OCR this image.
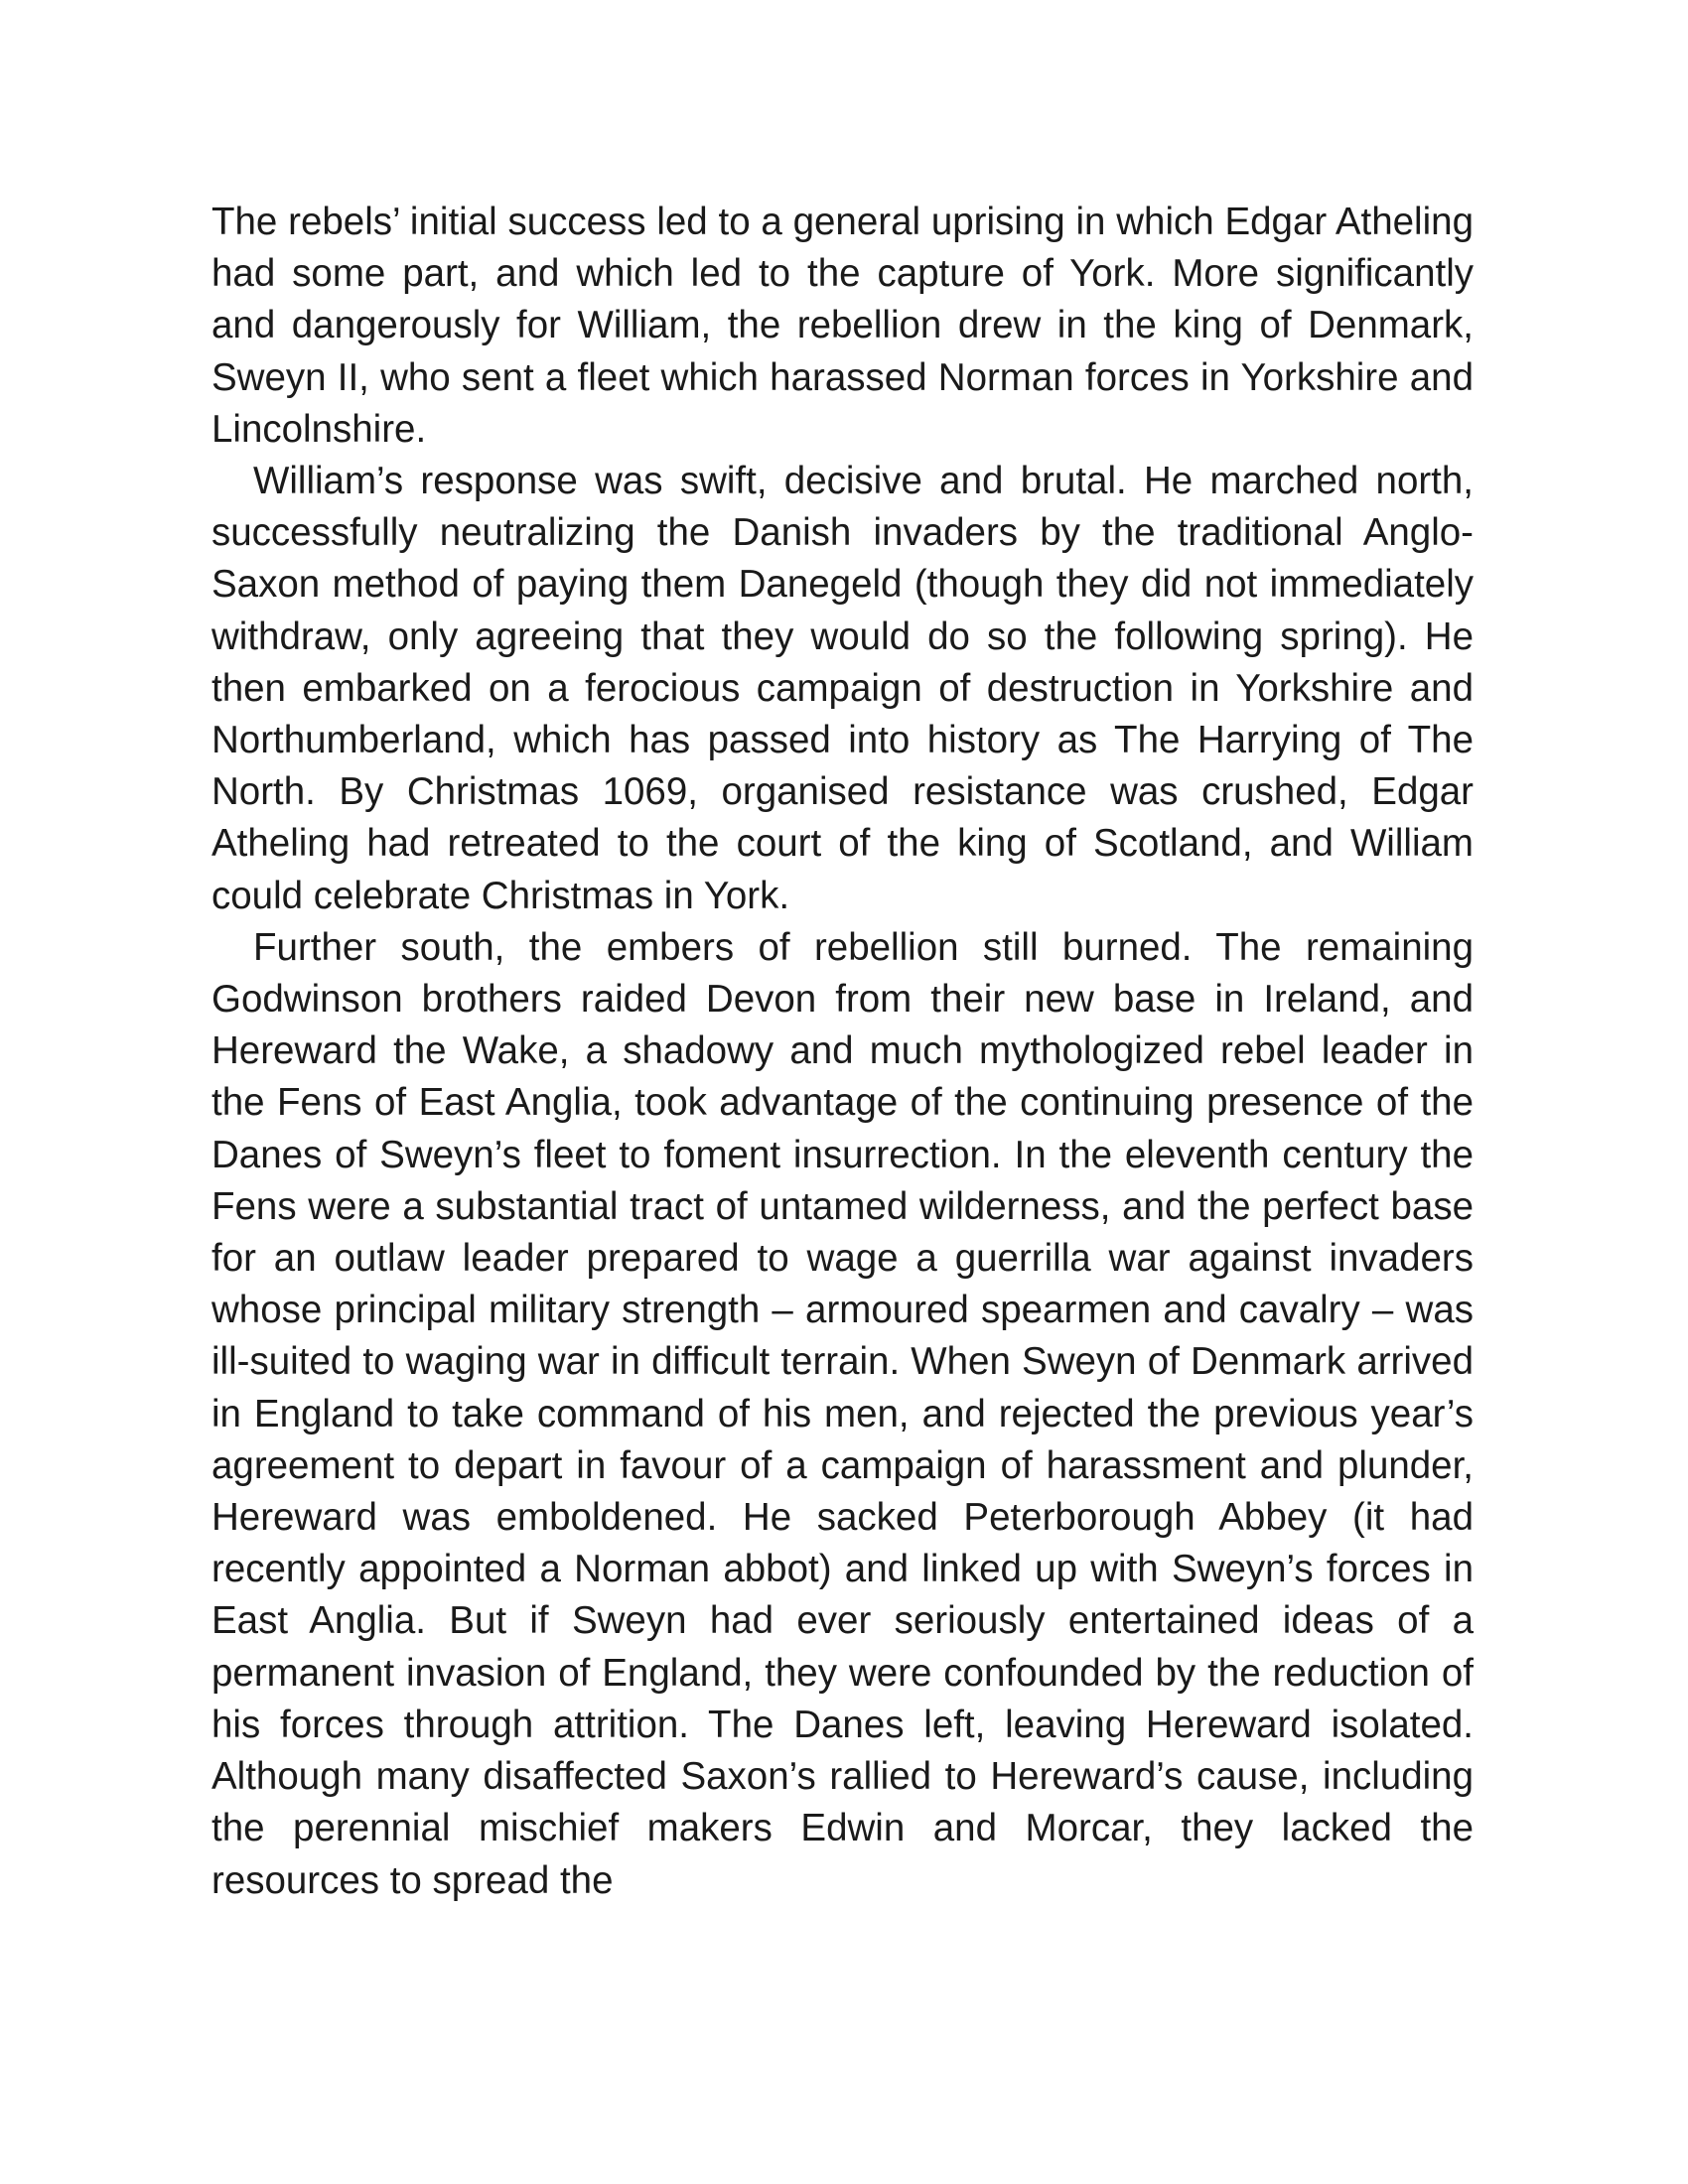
The rebels’ initial success led to a general uprising in which Edgar Atheling had some part, and which led to the capture of York. More significantly and dangerously for William, the rebellion drew in the king of Denmark, Sweyn II, who sent a fleet which harassed Norman forces in Yorkshire and Lincolnshire.

William’s response was swift, decisive and brutal. He marched north, successfully neutralizing the Danish invaders by the traditional Anglo-Saxon method of paying them Danegeld (though they did not immediately withdraw, only agreeing that they would do so the following spring). He then embarked on a ferocious campaign of destruction in Yorkshire and Northumberland, which has passed into history as The Harrying of The North. By Christmas 1069, organised resistance was crushed, Edgar Atheling had retreated to the court of the king of Scotland, and William could celebrate Christmas in York.

Further south, the embers of rebellion still burned. The remaining Godwinson brothers raided Devon from their new base in Ireland, and Hereward the Wake, a shadowy and much mythologized rebel leader in the Fens of East Anglia, took advantage of the continuing presence of the Danes of Sweyn’s fleet to foment insurrection. In the eleventh century the Fens were a substantial tract of untamed wilderness, and the perfect base for an outlaw leader prepared to wage a guerrilla war against invaders whose principal military strength – armoured spearmen and cavalry – was ill-suited to waging war in difficult terrain. When Sweyn of Denmark arrived in England to take command of his men, and rejected the previous year’s agreement to depart in favour of a campaign of harassment and plunder, Hereward was emboldened. He sacked Peterborough Abbey (it had recently appointed a Norman abbot) and linked up with Sweyn’s forces in East Anglia. But if Sweyn had ever seriously entertained ideas of a permanent invasion of England, they were confounded by the reduction of his forces through attrition. The Danes left, leaving Hereward isolated. Although many disaffected Saxon’s rallied to Hereward’s cause, including the perennial mischief makers Edwin and Morcar, they lacked the resources to spread the
